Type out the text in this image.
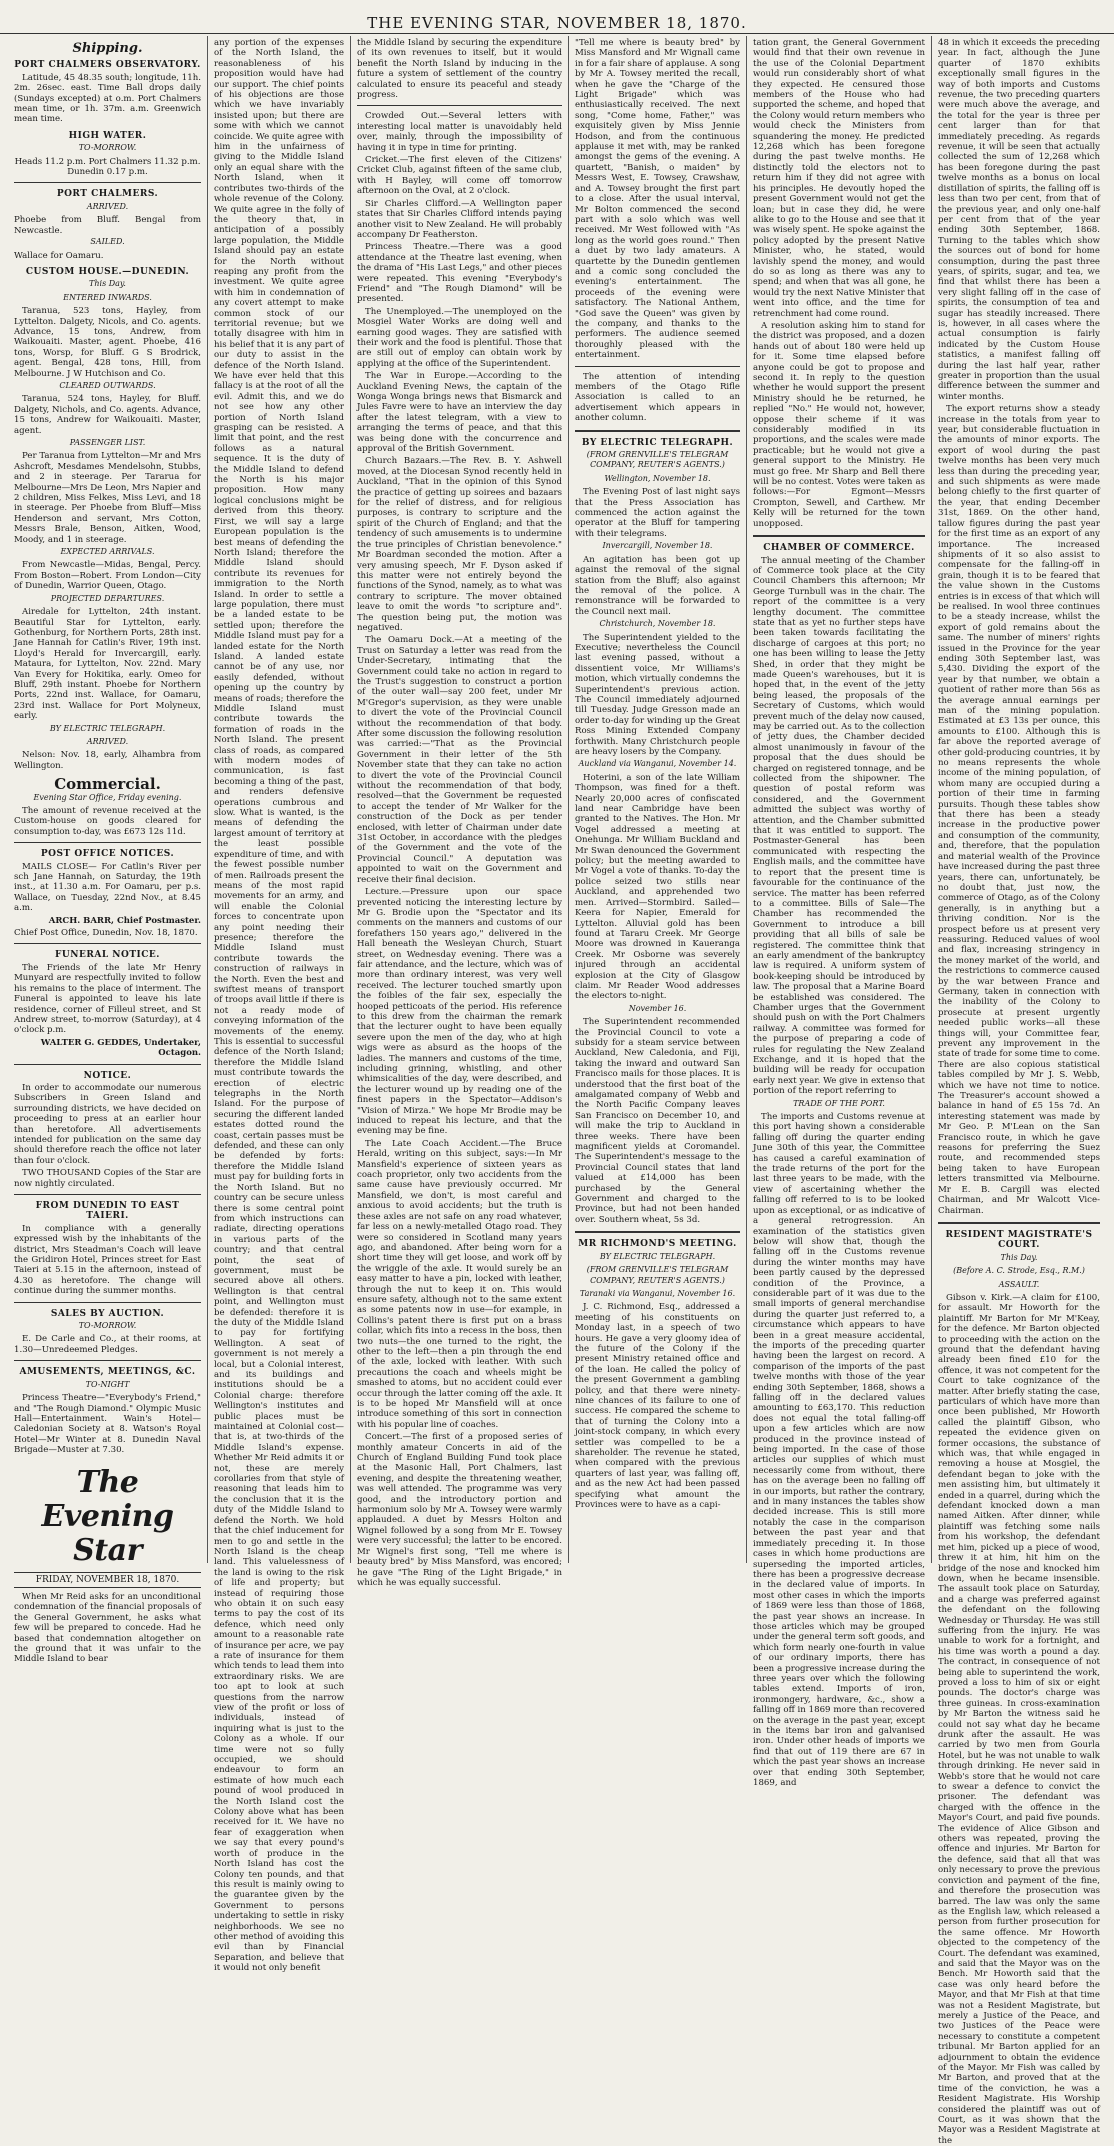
THE EVENING STAR, NOVEMBER 18, 1870.
Shipping.
PORT CHALMERS OBSERVATORY.
Latitude, 45 48.35 south; longitude, 11h. 2m. 26sec. east. Time Ball drops daily (Sundays excepted) at o.m. Port Chalmers mean time, or 1h. 37m. a.m. Greenwich mean time.
HIGH WATER.
TO-MORROW.
Heads 11.2 p.m. Port Chalmers 11.32 p.m. Dunedin 0.17 p.m.
PORT CHALMERS.
ARRIVED.
Phoebe from Bluff. Bengal from Newcastle.
SAILED.
Wallace for Oamaru.
CUSTOM HOUSE.—DUNEDIN.
This Day.
ENTERED INWARDS.
Taranua, 523 tons, Hayley, from Lyttelton. Dalgety, Nicols, and Co. agents. Advance, 15 tons, Andrew, from Waikouaiti. Master, agent. Phoebe, 416 tons, Worsp, for Bluff. G S Brodrick, agent. Bengal, 428 tons, Hill, from Melbourne. J W Hutchison and Co.
CLEARED OUTWARDS.
Taranua, 524 tons, Hayley, for Bluff. Dalgety, Nichols, and Co. agents. Advance, 15 tons, Andrew for Waikouaiti. Master, agent.
PASSENGER LIST.
Per Taranua from Lyttelton—Mr and Mrs Ashcroft, Mesdames Mendelsohn, Stubbs, and 2 in steerage. Per Tararua for Melbourne—Mrs De Leon, Mrs Napier and 2 children, Miss Felkes, Miss Levi, and 18 in steerage. Per Phoebe from Bluff—Miss Henderson and servant, Mrs Cotton, Messrs Brale, Benson, Aitken, Wood, Moody, and 1 in steerage.
EXPECTED ARRIVALS.
From Newcastle—Midas, Bengal, Percy. From Boston—Robert. From London—City of Dunedin, Warrior Queen, Otago.
PROJECTED DEPARTURES.
Airedale for Lyttelton, 24th instant. Beautiful Star for Lyttelton, early. Gothenburg, for Northern Ports, 28th inst. Jane Hannah for Catlin's River, 19th inst. Lloyd's Herald for Invercargill, early. Mataura, for Lyttelton, Nov. 22nd. Mary Van Every for Hokitika, early. Omeo for Bluff, 29th instant. Phoebe for Northern Ports, 22nd inst. Wallace, for Oamaru, 23rd inst. Wallace for Port Molyneux, early.
BY ELECTRIC TELEGRAPH.
ARRIVED.
Nelson: Nov. 18, early, Alhambra from Wellington.
Commercial.
Evening Star Office, Friday evening.
The amount of revenue received at the Custom-house on goods cleared for consumption to-day, was £673 12s 11d.
POST OFFICE NOTICES.
MAILS CLOSE— For Catlin's River per sch Jane Hannah, on Saturday, the 19th inst., at 11.30 a.m. For Oamaru, per p.s. Wallace, on Tuesday, 22nd Nov., at 8.45 a.m.
ARCH. BARR, Chief Postmaster.
Chief Post Office, Dunedin, Nov. 18, 1870.
FUNERAL NOTICE.
The Friends of the late Mr Henry Munyard are respectfully invited to follow his remains to the place of interment. The Funeral is appointed to leave his late residence, corner of Filleul street, and St Andrew street, to-morrow (Saturday), at 4 o'clock p.m.
WALTER G. GEDDES, Undertaker, Octagon.
NOTICE.
In order to accommodate our numerous Subscribers in Green Island and surrounding districts, we have decided on proceeding to press at an earlier hour than heretofore. All advertisements intended for publication on the same day should therefore reach the office not later than four o'clock.
TWO THOUSAND Copies of the Star are now nightly circulated.
FROM DUNEDIN TO EAST TAIERI.
In compliance with a generally expressed wish by the inhabitants of the district, Mrs Steadman's Coach will leave the Gridiron Hotel, Princes street for East Taieri at 5.15 in the afternoon, instead of 4.30 as heretofore. The change will continue during the summer months.
SALES BY AUCTION.
TO-MORROW.
E. De Carle and Co., at their rooms, at 1.30—Unredeemed Pledges.
AMUSEMENTS, MEETINGS, &C.
TO-NIGHT
Princess Theatre—"Everybody's Friend," and "The Rough Diamond." Olympic Music Hall—Entertainment. Wain's Hotel—Caledonian Society at 8. Watson's Royal Hotel—Mr Winter at 8. Dunedin Naval Brigade—Muster at 7.30.
The Evening Star
FRIDAY, NOVEMBER 18, 1870.
When Mr Reid asks for an unconditional condemnation of the financial proposals of the General Government, he asks what few will be prepared to concede. Had he based that condemnation altogether on the ground that it was unfair to the Middle Island to bear
any portion of the expenses of the North Island, the reasonableness of his proposition would have had our support. The chief points of his objections are those which we have invariably insisted upon; but there are some with which we cannot coincide. We quite agree with him in the unfairness of giving to the Middle Island only an equal share with the North Island, when it contributes two-thirds of the whole revenue of the Colony. We quite agree in the folly of the theory that, in anticipation of a possibly large population, the Middle Island should pay an estate for the North without reaping any profit from the investment. We quite agree with him in condemnation of any covert attempt to make common stock of our territorial revenue; but we totally disagree with him in his belief that it is any part of our duty to assist in the defence of the North Island. We have ever held that this fallacy is at the root of all the evil. Admit this, and we do not see how any other portion of North Island grasping can be resisted. A limit that point, and the rest follows as a natural sequence. It is the duty of the Middle Island to defend the North is his major proposition. How many logical conclusions might be derived from this theory. First, we will say a large European population is the best means of defending the North Island; therefore the Middle Island should contribute its revenues for immigration to the North Island. In order to settle a large population, there must be a landed estate to be settled upon; therefore the Middle Island must pay for a landed estate for the North Island. A landed estate cannot be of any use, nor easily defended, without opening up the country by means of roads; therefore the Middle Island must contribute towards the formation of roads in the North Island. The present class of roads, as compared with modern modes of communication, is fast becoming a thing of the past, and renders defensive operations cumbrous and slow. What is wanted, is the means of defending the largest amount of territory at the least possible expenditure of time, and with the fewest possible number of men. Railroads present the means of the most rapid movements for an army, and will enable the Colonial forces to concentrate upon any point needing their presence; therefore the Middle Island must contribute towards the construction of railways in the North. Even the best and swiftest means of transport of troops avail little if there is not a ready mode of conveying information of the movements of the enemy. This is essential to successful defence of the North Island; therefore the Middle Island must contribute towards the erection of electric telegraphs in the North Island. For the purpose of securing the different landed estates dotted round the coast, certain passes must be defended, and these can only be defended by forts: therefore the Middle Island must pay for building forts in the North Island. But no country can be secure unless there is some central point from which instructions can radiate, directing operations in various parts of the country; and that central point, the seat of government, must be secured above all others. Wellington is that central point, and Wellington must be defended: therefore it is the duty of the Middle Island to pay for fortifying Wellington. A seat of government is not merely a local, but a Colonial interest, and its buildings and institutions should be a Colonial charge: therefore Wellington's institutes and public places must be maintained at Colonial cost—that is, at two-thirds of the Middle Island's expense. Whether Mr Reid admits it or not, these are merely corollaries from that style of reasoning that leads him to the conclusion that it is the duty of the Middle Island to defend the North. We hold that the chief inducement for men to go and settle in the North Island is the cheap land. This valuelessness of the land is owing to the risk of life and property; but instead of requiring those who obtain it on such easy terms to pay the cost of its defence, which need only amount to a reasonable rate of insurance per acre, we pay a rate of insurance for them which tends to lead them into extraordinary risks. We are too apt to look at such questions from the narrow view of the profit or loss of individuals, instead of inquiring what is just to the Colony as a whole. If our time were not so fully occupied, we should endeavour to form an estimate of how much each pound of wool produced in the North Island cost the Colony above what has been received for it. We have no fear of exaggeration when we say that every pound's worth of produce in the North Island has cost the Colony ten pounds, and that this result is mainly owing to the guarantee given by the Government to persons undertaking to settle in risky neighborhoods. We see no other method of avoiding this evil than by Financial Separation, and believe that it would not only benefit
the Middle Island by securing the expenditure of its own revenues to itself, but it would benefit the North Island by inducing in the future a system of settlement of the country calculated to ensure its peaceful and steady progress.
Crowded Out.—Several letters with interesting local matter is unavoidably held over, mainly, through the impossibility of having it in type in time for printing.
Cricket.—The first eleven of the Citizens' Cricket Club, against fifteen of the same club, with H Bayley, will come off tomorrow afternoon on the Oval, at 2 o'clock.
Sir Charles Clifford.—A Wellington paper states that Sir Charles Clifford intends paying another visit to New Zealand. He will probably accompany Dr Featherston.
Princess Theatre.—There was a good attendance at the Theatre last evening, when the drama of "His Last Legs," and other pieces were repeated. This evening "Everybody's Friend" and "The Rough Diamond" will be presented.
The Unemployed.—The unemployed on the Mosgiel Water Works are doing well and earning good wages. They are satisfied with their work and the food is plentiful. Those that are still out of employ can obtain work by applying at the office of the Superintendent.
The War in Europe.—According to the Auckland Evening News, the captain of the Wonga Wonga brings news that Bismarck and Jules Favre were to have an interview the day after the latest telegram, with a view to arranging the terms of peace, and that this was being done with the concurrence and approval of the British Government.
Church Bazaars.—The Rev. B. Y. Ashwell moved, at the Diocesan Synod recently held in Auckland, "That in the opinion of this Synod the practice of getting up soirees and bazaars for the relief of distress, and for religious purposes, is contrary to scripture and the spirit of the Church of England; and that the tendency of such amusements is to undermine the true principles of Christian benevolence." Mr Boardman seconded the motion. After a very amusing speech, Mr F. Dyson asked if this matter were not entirely beyond the functions of the Synod, namely, as to what was contrary to scripture. The mover obtained leave to omit the words "to scripture and". The question being put, the motion was negatived.
The Oamaru Dock.—At a meeting of the Trust on Saturday a letter was read from the Under-Secretary, intimating that the Government could take no action in regard to the Trust's suggestion to construct a portion of the outer wall—say 200 feet, under Mr M'Gregor's supervision, as they were unable to divert the vote of the Provincial Council without the recommendation of that body. After some discussion the following resolution was carried:—"That as the Provincial Government in their letter of the 5th November state that they can take no action to divert the vote of the Provincial Council without the recommendation of that body, resolved—that the Government be requested to accept the tender of Mr Walker for the construction of the Dock as per tender enclosed, with letter of Chairman under date 31st October, in accordance with the pledges of the Government and the vote of the Provincial Council." A deputation was appointed to wait on the Government and receive their final decision.
Lecture.—Pressure upon our space prevented noticing the interesting lecture by Mr G. Brodie upon the "Spectator and its comments on the manners and customs of our forefathers 150 years ago," delivered in the Hall beneath the Wesleyan Church, Stuart street, on Wednesday evening. There was a fair attendance, and the lecture, which was of more than ordinary interest, was very well received. The lecturer touched smartly upon the foibles of the fair sex, especially the hooped petticoats of the period. His reference to this drew from the chairman the remark that the lecturer ought to have been equally severe upon the men of the day, who at high wigs were as absurd as the hoops of the ladies. The manners and customs of the time, including grinning, whistling, and other whimsicalities of the day, were described, and the lecturer wound up by reading one of the finest papers in the Spectator—Addison's "Vision of Mirza." We hope Mr Brodie may be induced to repeat his lecture, and that the evening may be fine.
The Late Coach Accident.—The Bruce Herald, writing on this subject, says:—In Mr Mansfield's experience of sixteen years as coach proprietor, only two accidents from the same cause have previously occurred. Mr Mansfield, we don't, is most careful and anxious to avoid accidents; but the truth is these axles are not safe on any road whatever, far less on a newly-metalled Otago road. They were so considered in Scotland many years ago, and abandoned. After being worn for a short time they will get loose, and work off by the wriggle of the axle. It would surely be an easy matter to have a pin, locked with leather, through the nut to keep it on. This would ensure safety, although not to the same extent as some patents now in use—for example, in Collins's patent there is first put on a brass collar, which fits into a recess in the boss, then two nuts—the one turned to the right, the other to the left—then a pin through the end of the axle, locked with leather. With such precautions the coach and wheels might be smashed to atoms, but no accident could ever occur through the latter coming off the axle. It is to be hoped Mr Mansfield will at once introduce something of this sort in connection with his popular line of coaches.
Concert.—The first of a proposed series of monthly amateur Concerts in aid of the Church of England Building Fund took place at the Masonic Hall, Port Chalmers, last evening, and despite the threatening weather, was well attended. The programme was very good, and the introductory portion and harmonium solo by Mr A. Towsey were warmly applauded. A duet by Messrs Holton and Wignel followed by a song from Mr E. Towsey were very successful; the latter to be encored. Mr Wignel's first song, "Tell me where is beauty bred" by Miss Mansford, was encored; he gave "The Ring of the Light Brigade," in which he was equally successful.
"Tell me where is beauty bred" by Miss Mansford and Mr Wignall came in for a fair share of applause. A song by Mr A. Towsey merited the recall, when he gave the "Charge of the Light Brigade" which was enthusiastically received. The next song, "Come home, Father," was exquisitely given by Miss Jennie Hodson, and from the continuous applause it met with, may be ranked amongst the gems of the evening. A quartett, "Banish, o maiden" by Messrs West, E. Towsey, Crawshaw, and A. Towsey brought the first part to a close. After the usual interval, Mr Bolton commenced the second part with a solo which was well received. Mr West followed with "As long as the world goes round." Then a duet by two lady amateurs. A quartette by the Dunedin gentlemen and a comic song concluded the evening's entertainment. The proceeds of the evening were satisfactory. The National Anthem, "God save the Queen" was given by the company, and thanks to the performers. The audience seemed thoroughly pleased with the entertainment.
The attention of intending members of the Otago Rifle Association is called to an advertisement which appears in another column.
BY ELECTRIC TELEGRAPH.
(FROM GRENVILLE'S TELEGRAM COMPANY, REUTER'S AGENTS.)
Wellington, November 18.
The Evening Post of last night says that the Press Association has commenced the action against the operator at the Bluff for tampering with their telegrams.
Invercargill, November 18.
An agitation has been got up against the removal of the signal station from the Bluff; also against the removal of the police. A remonstrance will be forwarded to the Council next mail.
Christchurch, November 18.
The Superintendent yielded to the Executive; nevertheless the Council last evening passed, without a dissentient voice, Mr Williams's motion, which virtually condemns the Superintendent's previous action. The Council immediately adjourned till Tuesday. Judge Gresson made an order to-day for winding up the Great Ross Mining Extended Company forthwith. Many Christchurch people are heavy losers by the Company.
Auckland via Wanganui, November 14.
Hoterini, a son of the late William Thompson, was fined for a theft. Nearly 20,000 acres of confiscated land near Cambridge have been granted to the Natives. The Hon. Mr Vogel addressed a meeting at Onehunga. Mr William Buckland and Mr Swan denounced the Government policy; but the meeting awarded to Mr Vogel a vote of thanks. To-day the police seized two stills near Auckland, and apprehended two men. Arrived—Stormbird. Sailed—Keera for Napier, Emerald for Lyttelton. Alluvial gold has been found at Tararu Creek. Mr George Moore was drowned in Kaueranga Creek. Mr Osborne was severely injured through an accidental explosion at the City of Glasgow claim. Mr Reader Wood addresses the electors to-night.
November 16.
The Superintendent recommended the Provincial Council to vote a subsidy for a steam service between Auckland, New Caledonia, and Fiji, taking the inward and outward San Francisco mails for those places. It is understood that the first boat of the amalgamated company of Webb and the North Pacific Company leaves San Francisco on December 10, and will make the trip to Auckland in three weeks. There have been magnificent yields at Coromandel. The Superintendent's message to the Provincial Council states that land valued at £14,000 has been purchased by the General Government and charged to the Province, but had not been handed over. Southern wheat, 5s 3d.
MR RICHMOND'S MEETING.
BY ELECTRIC TELEGRAPH.
(FROM GRENVILLE'S TELEGRAM COMPANY, REUTER'S AGENTS.)
Taranaki via Wanganui, November 16.
J. C. Richmond, Esq., addressed a meeting of his constituents on Monday last, in a speech of two hours. He gave a very gloomy idea of the future of the Colony if the present Ministry retained office and of the loan. He called the policy of the present Government a gambling policy, and that there were ninety-nine chances of its failure to one of success. He compared the scheme to that of turning the Colony into a joint-stock company, in which every settler was compelled to be a shareholder. The revenue he stated, when compared with the previous quarters of last year, was falling off, and as the new Act had been passed specifying what amount the Provinces were to have as a capi-
tation grant, the General Government would find that their own revenue in the use of the Colonial Department would run considerably short of what they expected. He censured those members of the House who had supported the scheme, and hoped that the Colony would return members who would check the Ministers from squandering the money. He predicted 12,268 which has been foregone during the past twelve months. He distinctly told the electors not to return him if they did not agree with his principles. He devoutly hoped the present Government would not get the loan; but in case they did, he were alike to go to the House and see that it was wisely spent. He spoke against the policy adopted by the present Native Minister, who, he stated, would lavishly spend the money, and would do so as long as there was any to spend; and when that was all gone, he would try the next Native Minister that went into office, and the time for retrenchment had come round.
A resolution asking him to stand for the district was proposed, and a dozen hands out of about 180 were held up for it. Some time elapsed before anyone could be got to propose and second it. In reply to the question whether he would support the present Ministry should he be returned, he replied "No." He would not, however, oppose their scheme if it was considerably modified in its proportions, and the scales were made practicable; but he would not give a general support to the Ministry. He must go free. Mr Sharp and Bell there will be no contest. Votes were taken as follows:—For Egmont—Messrs Crompton, Sewell, and Carthew. Mr Kelly will be returned for the town unopposed.
CHAMBER OF COMMERCE.
The annual meeting of the Chamber of Commerce took place at the City Council Chambers this afternoon; Mr George Turnbull was in the chair. The report of the committee is a very lengthy document. The committee state that as yet no further steps have been taken towards facilitating the discharge of cargoes at this port; no one has been willing to lease the Jetty Shed, in order that they might be made Queen's warehouses, but it is hoped that, in the event of the jetty being leased, the proposals of the Secretary of Customs, which would prevent much of the delay now caused, may be carried out. As to the collection of jetty dues, the Chamber decided almost unanimously in favour of the proposal that the dues should be charged on registered tonnage, and be collected from the shipowner. The question of postal reform was considered, and the Government admitted the subject was worthy of attention, and the Chamber submitted that it was entitled to support. The Postmaster-General has been communicated with respecting the English mails, and the committee have to report that the present time is favourable for the continuance of the service. The matter has been referred to a committee. Bills of Sale—The Chamber has recommended the Government to introduce a bill providing that all bills of sale be registered. The committee think that an early amendment of the bankruptcy law is required. A uniform system of book-keeping should be introduced by law. The proposal that a Marine Board be established was considered. The Chamber urges that the Government should push on with the Port Chalmers railway. A committee was formed for the purpose of preparing a code of rules for regulating the New Zealand Exchange, and it is hoped that the building will be ready for occupation early next year. We give in extenso that portion of the report referring to
TRADE OF THE PORT.
The imports and Customs revenue at this port having shown a considerable falling off during the quarter ending June 30th of this year, the Committee has caused a careful examination of the trade returns of the port for the last three years to be made, with the view of ascertaining whether the falling off referred to is to be looked upon as exceptional, or as indicative of a general retrogression. An examination of the statistics given below will show that, though the falling off in the Customs revenue during the winter months may have been partly caused by the depressed condition of the Province, a considerable part of it was due to the small imports of general merchandise during the quarter just referred to, a circumstance which appears to have been in a great measure accidental, the imports of the preceding quarter having been the largest on record. A comparison of the imports of the past twelve months with those of the year ending 30th September, 1868, shows a falling off in the declared values amounting to £63,170. This reduction does not equal the total falling-off upon a few articles which are now produced in the province instead of being imported. In the case of those articles our supplies of which must necessarily come from without, there has on the average been no falling off in our imports, but rather the contrary, and in many instances the tables show decided increase. This is still more notably the case in the comparison between the past year and that immediately preceding it. In those cases in which home productions are superseding the imported articles, there has been a progressive decrease in the declared value of imports. In most other cases in which the imports of 1869 were less than those of 1868, the past year shows an increase. In those articles which may be grouped under the general term soft goods, and which form nearly one-fourth in value of our ordinary imports, there has been a progressive increase during the three years over which the following tables extend. Imports of iron, ironmongery, hardware, &c., show a falling off in 1869 more than recovered on the average in the past year, except in the items bar iron and galvanised iron. Under other heads of imports we find that out of 119 there are 67 in which the past year shows an increase over that ending 30th September, 1869, and
48 in which it exceeds the preceding year. In fact, although the June quarter of 1870 exhibits exceptionally small figures in the way of both imports and Customs revenue, the two preceding quarters were much above the average, and the total for the year is three per cent larger than for that immediately preceding. As regards revenue, it will be seen that actually collected the sum of 12,268 which has been foregone during the past twelve months as a bonus on local distillation of spirits, the falling off is less than two per cent, from that of the previous year, and only one-half per cent from that of the year ending 30th September, 1868. Turning to the tables which show the sources out of bond for home consumption, during the past three years, of spirits, sugar, and tea, we find that whilst there has been a very slight falling off in the case of spirits, the consumption of tea and sugar has steadily increased. There is, however, in all cases where the actual consumption is fairly indicated by the Custom House statistics, a manifest falling off during the last half year, rather greater in proportion than the usual difference between the summer and winter months.
The export returns show a steady increase in the totals from year to year, but considerable fluctuation in the amounts of minor exports. The export of wool during the past twelve months has been very much less than during the preceding year, and such shipments as were made belong chiefly to the first quarter of the year, that ending December 31st, 1869. On the other hand, tallow figures during the past year for the first time as an export of any importance. The increased shipments of it so also assist to compensate for the falling-off in grain, though it is to be feared that the value shown in the Customs entries is in excess of that which will be realised. In wool three continues to be a steady increase, whilst the export of gold remains about the same. The number of miners' rights issued in the Province for the year ending 30th September last, was 5,430. Dividing the export of the year by that number, we obtain a quotient of rather more than 56s as the average annual earnings per man of the mining population. Estimated at £3 13s per ounce, this amounts to £100. Although this is far above the reported average of other gold-producing countries, it by no means represents the whole income of the mining population, of whom many are occupied during a portion of their time in farming pursuits. Though these tables show that there has been a steady increase in the productive power and consumption of the community, and, therefore, that the population and material wealth of the Province have increased during the past three years, there can, unfortunately, be no doubt that, just now, the commerce of Otago, as of the Colony generally, is in anything but a thriving condition. Nor is the prospect before us at present very reassuring. Reduced values of wool and flax, increasing stringency in the money market of the world, and the restrictions to commerce caused by the war between France and Germany, taken in connection with the inability of the Colony to prosecute at present urgently needed public works—all these things will, your Committee fear, prevent any improvement in the state of trade for some time to come. There are also copious statistical tables compiled by Mr J. S. Webb, which we have not time to notice. The Treasurer's account showed a balance in hand of £5 15s 7d. An interesting statement was made by Mr Geo. P. M'Lean on the San Francisco route, in which he gave reasons for preferring the Suez route, and recommended steps being taken to have European letters transmitted via Melbourne. Mr E. B. Cargill was elected Chairman, and Mr Walcott Vice-Chairman.
RESIDENT MAGISTRATE'S COURT.
This Day.
(Before A. C. Strode, Esq., R.M.)
ASSAULT.
Gibson v. Kirk.—A claim for £100, for assault. Mr Howorth for the plaintiff. Mr Barton for Mr M'Keay, for the defence. Mr Barton objected to proceeding with the action on the ground that the defendant having already been fined £10 for the offence, it was not competent for the Court to take cognizance of the matter. After briefly stating the case, particulars of which have more than once been published, Mr Howorth called the plaintiff Gibson, who repeated the evidence given on former occasions, the substance of which was, that while engaged in removing a house at Mosgiel, the defendant began to joke with the men assisting him, but ultimately it ended in a quarrel, during which the defendant knocked down a man named Aitken. After dinner, while plaintiff was fetching some nails from his workshop, the defendant met him, picked up a piece of wood, threw it at him, hit him on the bridge of the nose and knocked him down, when he became insensible. The assault took place on Saturday, and a charge was preferred against the defendant on the following Wednesday or Thursday. He was still suffering from the injury. He was unable to work for a fortnight, and his time was worth a pound a day. The contract, in consequence of not being able to superintend the work, proved a loss to him of six or eight pounds. The doctor's charge was three guineas. In cross-examination by Mr Barton the witness said he could not say what day he became drunk after the assault. He was carried by two men from Gourla Hotel, but he was not unable to walk through drinking. He never said in Webb's store that he would not care to swear a defence to convict the prisoner. The defendant was charged with the offence in the Mayor's Court, and paid five pounds. The evidence of Alice Gibson and others was repeated, proving the offence and injuries. Mr Barton for the defence, said that all that was only necessary to prove the previous conviction and payment of the fine, and therefore the prosecution was barred. The law was only the same as the English law, which released a person from further prosecution for the same offence. Mr Howorth objected to the competency of the Court. The defendant was examined, and said that the Mayor was on the Bench. Mr Howorth said that the case was only heard before the Mayor, and that Mr Fish at that time was not a Resident Magistrate, but merely a Justice of the Peace, and two Justices of the Peace were necessary to constitute a competent tribunal. Mr Barton applied for an adjournment to obtain the evidence of the Mayor. Mr Fish was called by Mr Barton, and proved that at the time of the conviction, he was a Resident Magistrate. His Worship considered the plaintiff was out of Court, as it was shown that the Mayor was a Resident Magistrate at the
